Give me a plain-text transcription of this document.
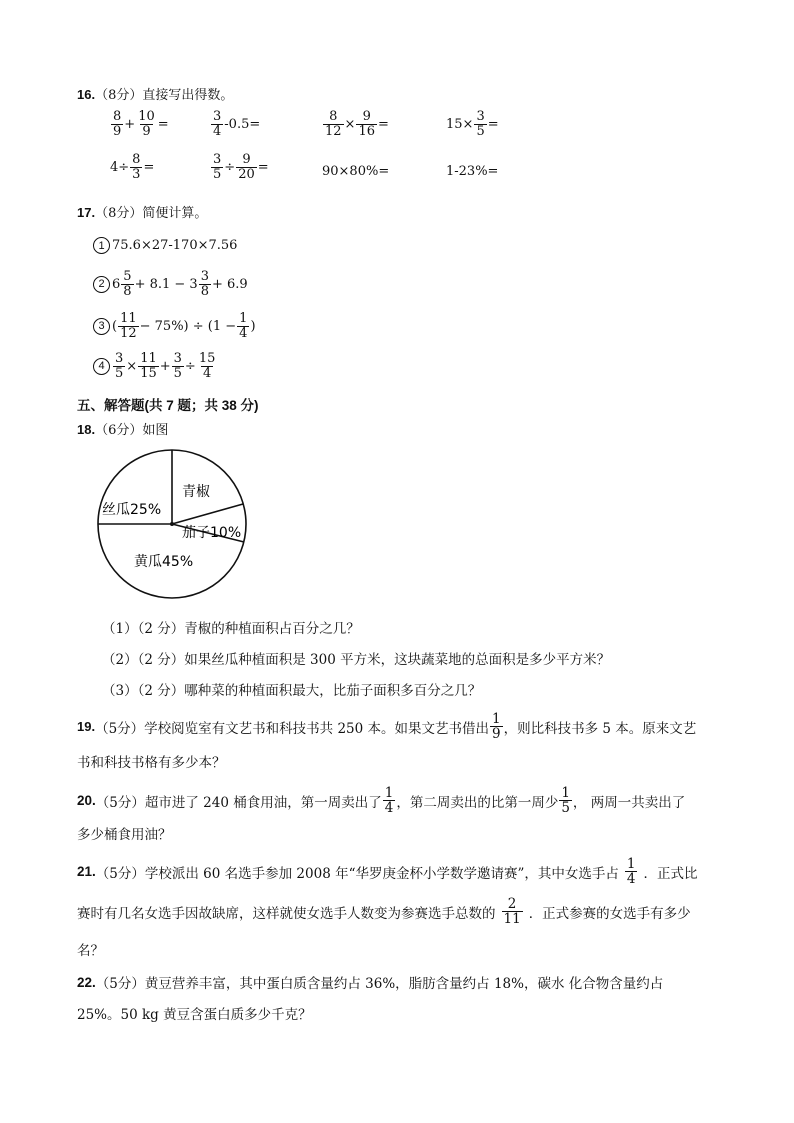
16.（8分）直接写出得数。
$\frac{8}{9} + \frac{10}{9}$ =	$\frac{3}{4} -0.5=$	$\frac{8}{12} \times \frac{9}{16}$ =	$15\times \frac{3}{5}$ =
$4\div \frac{8}{3}$ =	$\frac{3}{5} \div \frac{9}{20}$ =	90×80%=	1-23%=
17.（8分）简便计算。
1 75.6×27-170×7.56
2 $6 \frac{5}{8} + 8.1 - 3 \frac{3}{8} + 6.9$
3 ( $\frac{11}{12} - 75\%) \div (1 - \frac{1}{4}$ )
$4 \frac{3}{5} \times \frac{11}{15} + \frac{3}{5} \div \frac{15}{4}$
五、解答题(共 7 题；共 38 分)
18.（6分）如图
青椒
丝瓜25%
茄子10%
黄瓜45%
（1）（2 分）青椒的种植面积占百分之几？
（2）（2 分）如果丝瓜种植面积是 300 平方米，这块蔬菜地的总面积是多少平方米？
（3）（2 分）哪种菜的种植面积最大，比茄子面积多百分之几？
19. （5分） 学校阅览室有文艺书和科技书共 250 本。如果文艺书借出 $\frac{1}{9}$ ，则比科技书多 5 本。原来文艺
书和科技书格有多少本？
20. （5分） 超市进了 240 桶食用油，第一周卖出了 $\frac{1}{4}$ ，第二周卖出的比第一周少 $\frac{1}{5}$ ， 两周一共卖出了
多少桶食用油？
21. （5分） 学校派出 60 名选手参加 2008 年“华罗庚金杯小学数学邀请赛”，其中女选手占 $\frac{1}{4}$ ．正式比
赛时有几名女选手因故缺席，这样就使女选手人数变为参赛选手总数的 $\frac{2}{11}$ ．正式参赛的女选手有多少
名？
22. （5分） 黄豆营养丰富，其中蛋白质含量约占 36%，脂肪含量约占 18%，碳水 化合物含量约占
25%。50 kg 黄豆含蛋白质多少千克？
